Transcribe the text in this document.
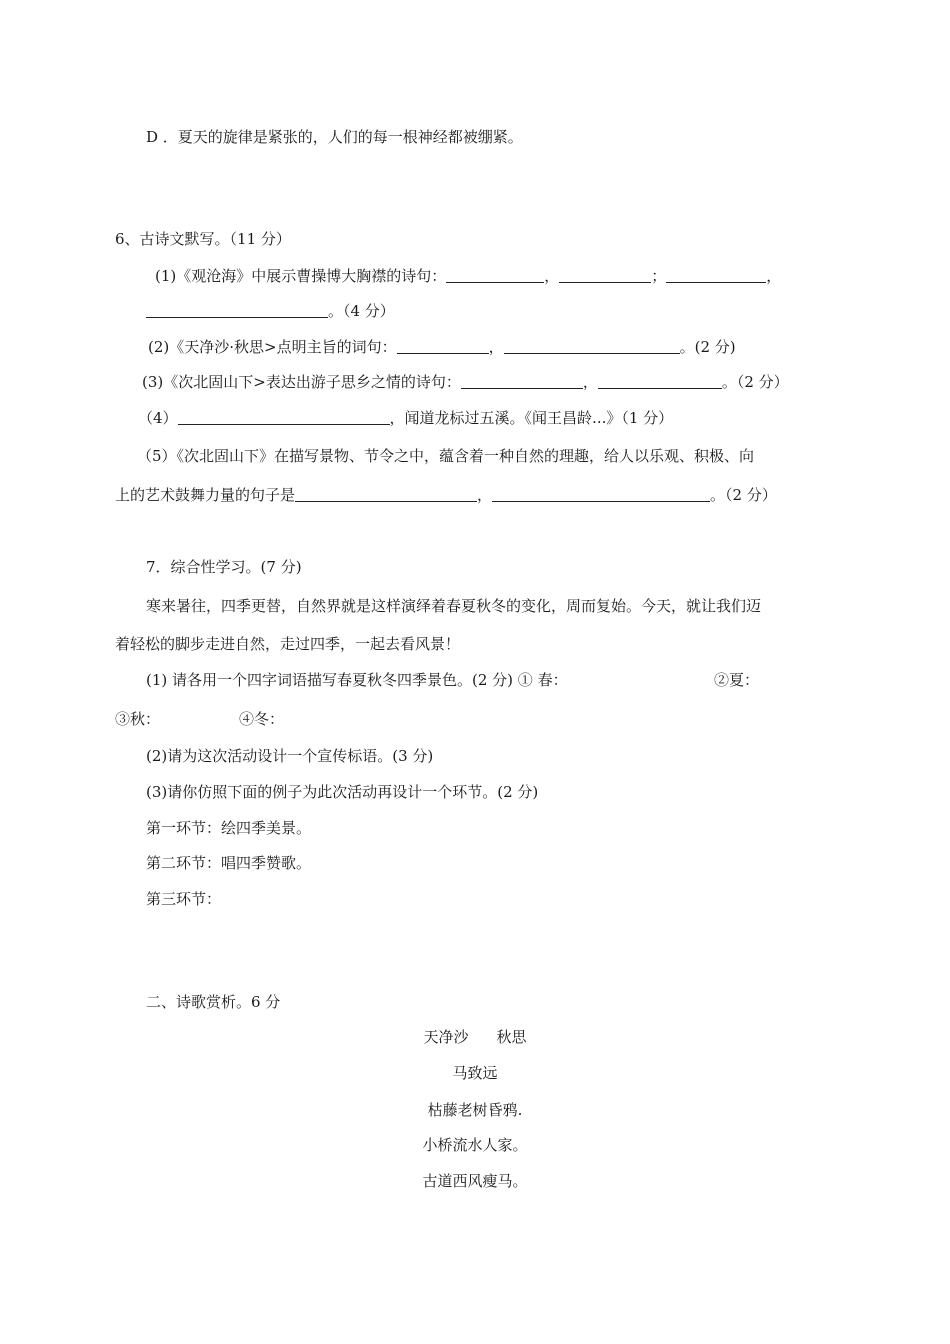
D ．夏天的旋律是紧张的，人们的每一根神经都被绷紧。
6、古诗文默写。（11 分）
(1)《观沧海》中展示曹操博大胸襟的诗句：	，	；	，
。（4 分）
(2)《天净沙·秋思>点明主旨的词句：	，	。(2 分)
(3)《次北固山下>表达出游子思乡之情的诗句：	，	。（2 分）
（4）	，闻道龙标过五溪。《闻王昌龄...》（1 分）
（5）《次北固山下》在描写景物、节令之中，蕴含着一种自然的理趣，给人以乐观、积极、向
上的艺术鼓舞力量的句子是	，	。（2 分）
7．综合性学习。(7 分)
寒来暑往，四季更替，自然界就是这样演绎着春夏秋冬的变化，周而复始。今天，就让我们迈
着轻松的脚步走进自然，走过四季，一起去看风景！
(1) 请各用一个四字词语描写春夏秋冬四季景色。(2 分) ① 春：	②夏：
③秋：	④冬：
(2)请为这次活动设计一个宣传标语。(3 分)
(3)请你仿照下面的例子为此次活动再设计一个环节。(2 分)
第一环节：绘四季美景。
第二环节：唱四季赞歌。
第三环节：
二、诗歌赏析。6 分
天净沙 秋思
马致远
枯藤老树昏鸦.
小桥流水人家。
古道西风瘦马。
